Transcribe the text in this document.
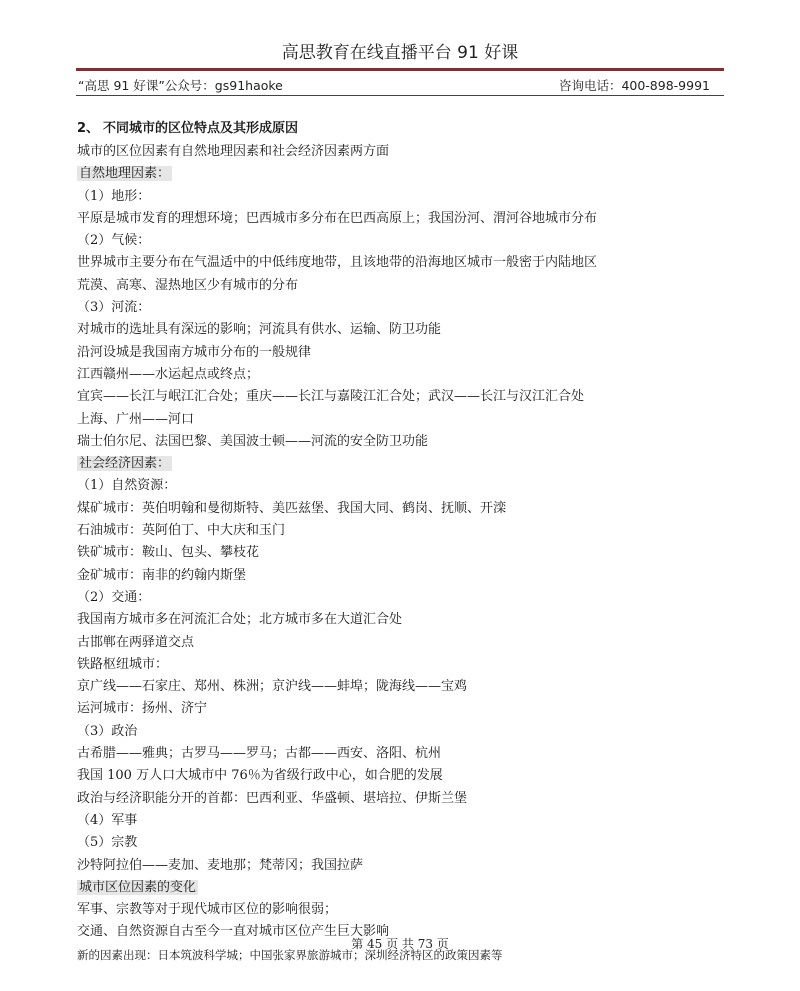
高思教育在线直播平台 91 好课
“高思 91 好课”公众号：gs91haoke	咨询电话：400-898-9991
2、 不同城市的区位特点及其形成原因
城市的区位因素有自然地理因素和社会经济因素两方面
自然地理因素：
（1）地形：
平原是城市发育的理想环境；巴西城市多分布在巴西高原上；我国汾河、渭河谷地城市分布
（2）气候：
世界城市主要分布在气温适中的中低纬度地带，且该地带的沿海地区城市一般密于内陆地区
荒漠、高寒、湿热地区少有城市的分布
（3）河流：
对城市的选址具有深远的影响；河流具有供水、运输、防卫功能
沿河设城是我国南方城市分布的一般规律
江西赣州——水运起点或终点；
宜宾——长江与岷江汇合处；重庆——长江与嘉陵江汇合处；武汉——长江与汉江汇合处
上海、广州——河口
瑞士伯尔尼、法国巴黎、美国波士顿——河流的安全防卫功能
社会经济因素：
（1）自然资源：
煤矿城市：英伯明翰和曼彻斯特、美匹兹堡、我国大同、鹤岗、抚顺、开滦
石油城市：英阿伯丁、中大庆和玉门
铁矿城市：鞍山、包头、攀枝花
金矿城市：南非的约翰内斯堡
（2）交通：
我国南方城市多在河流汇合处；北方城市多在大道汇合处
古邯郸在两驿道交点
铁路枢纽城市：
京广线——石家庄、郑州、株洲；京沪线——蚌埠；陇海线——宝鸡
运河城市：扬州、济宁
（3）政治
古希腊——雅典；古罗马——罗马；古都——西安、洛阳、杭州
我国 100 万人口大城市中 76％为省级行政中心，如合肥的发展
政治与经济职能分开的首都：巴西利亚、华盛顿、堪培拉、伊斯兰堡
（4）军事
（5）宗教
沙特阿拉伯——麦加、麦地那；梵蒂冈；我国拉萨
城市区位因素的变化
军事、宗教等对于现代城市区位的影响很弱；
交通、自然资源自古至今一直对城市区位产生巨大影响
新的因素出现：日本筑波科学城；中国张家界旅游城市；深圳经济特区的政策因素等
第 45 页 共 73 页
